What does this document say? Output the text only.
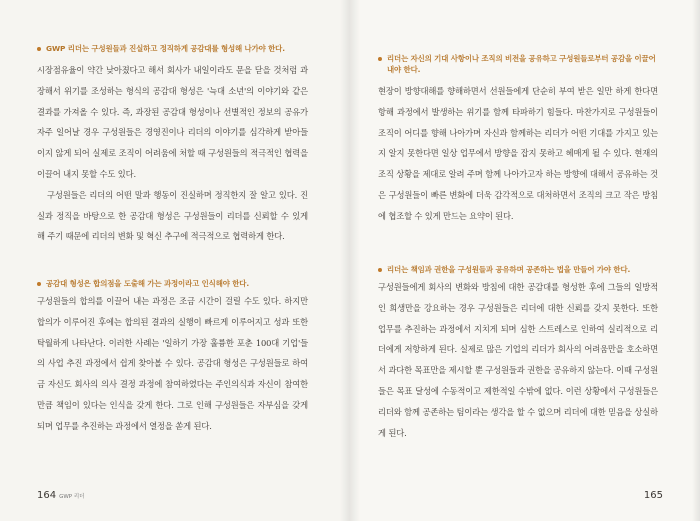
GWP 리더는 구성원들과 진실하고 정직하게 공감대를 형성해 나가야 한다.

시장점유율이 약간 낮아졌다고 해서 회사가 내일이라도 문을 닫을 것처럼 과장해서 위기를 조성하는 형식의 공감대 형성은 '늑대 소년'의 이야기와 같은 결과를 가져올 수 있다. 즉, 과장된 공감대 형성이나 선별적인 정보의 공유가 자주 일어날 경우 구성원들은 경영진이나 리더의 이야기를 심각하게 받아들이지 않게 되어 실제로 조직이 어려움에 처할 때 구성원들의 적극적인 협력을 이끌어 내지 못할 수도 있다.

구성원들은 리더의 어떤 말과 행동이 진실하며 정직한지 잘 알고 있다. 진실과 정직을 바탕으로 한 공감대 형성은 구성원들이 리더를 신뢰할 수 있게 해 주기 때문에 리더의 변화 및 혁신 추구에 적극적으로 협력하게 한다.

공감대 형성은 합의점을 도출해 가는 과정이라고 인식해야 한다.

구성원들의 합의를 이끌어 내는 과정은 조금 시간이 걸릴 수도 있다. 하지만 합의가 이루어진 후에는 합의된 결과의 실행이 빠르게 이루어지고 성과 또한 탁월하게 나타난다. 이러한 사례는 '일하기 가장 훌륭한 포춘 100대 기업'들의 사업 추진 과정에서 쉽게 찾아볼 수 있다. 공감대 형성은 구성원들로 하여금 자신도 회사의 의사 결정 과정에 참여하였다는 주인의식과 자신이 참여한 만큼 책임이 있다는 인식을 갖게 한다. 그로 인해 구성원들은 자부심을 갖게 되며 업무를 추진하는 과정에서 열정을 쏟게 된다.

164 GWP 리더
리더는 자신의 기대 사항이나 조직의 비전을 공유하고 구성원들로부터 공감을 이끌어 내야 한다.

현장이 방향대해를 향해하면서 선원들에게 단순히 부여 받은 일만 하게 한다면 항해 과정에서 발생하는 위기를 함께 타파하기 힘들다. 마찬가지로 구성원들이 조직이 어디를 향해 나아가며 자신과 함께하는 리더가 어떤 기대를 가지고 있는지 알지 못한다면 일상 업무에서 방향을 잡지 못하고 헤매게 될 수 있다. 현재의 조직 상황을 제대로 알려 주며 함께 나아가고자 하는 방향에 대해서 공유하는 것은 구성원들이 빠른 변화에 더욱 감각적으로 대처하면서 조직의 크고 작은 방침에 협조할 수 있게 만드는 요약이 된다.

리더는 책임과 권한을 구성원들과 공유하며 공존하는 법을 만들어 가야 한다.

구성원들에게 회사의 변화와 방침에 대한 공감대를 형성한 후에 그들의 일방적인 희생만을 강요하는 경우 구성원들은 리더에 대한 신뢰를 갖지 못한다. 또한 업무를 추진하는 과정에서 지치게 되며 심한 스트레스로 인하여 실리적으로 리더에게 저항하게 된다. 실제로 많은 기업의 리더가 회사의 어려움만을 호소하면서 과다한 목표만을 제시할 뿐 구성원들과 권한을 공유하지 않는다. 이때 구성원들은 목표 달성에 수동적이고 제한적일 수밖에 없다. 이런 상황에서 구성원들은 리더와 함께 공존하는 팀이라는 생각을 할 수 없으며 리더에 대한 믿음을 상실하게 된다.

165
